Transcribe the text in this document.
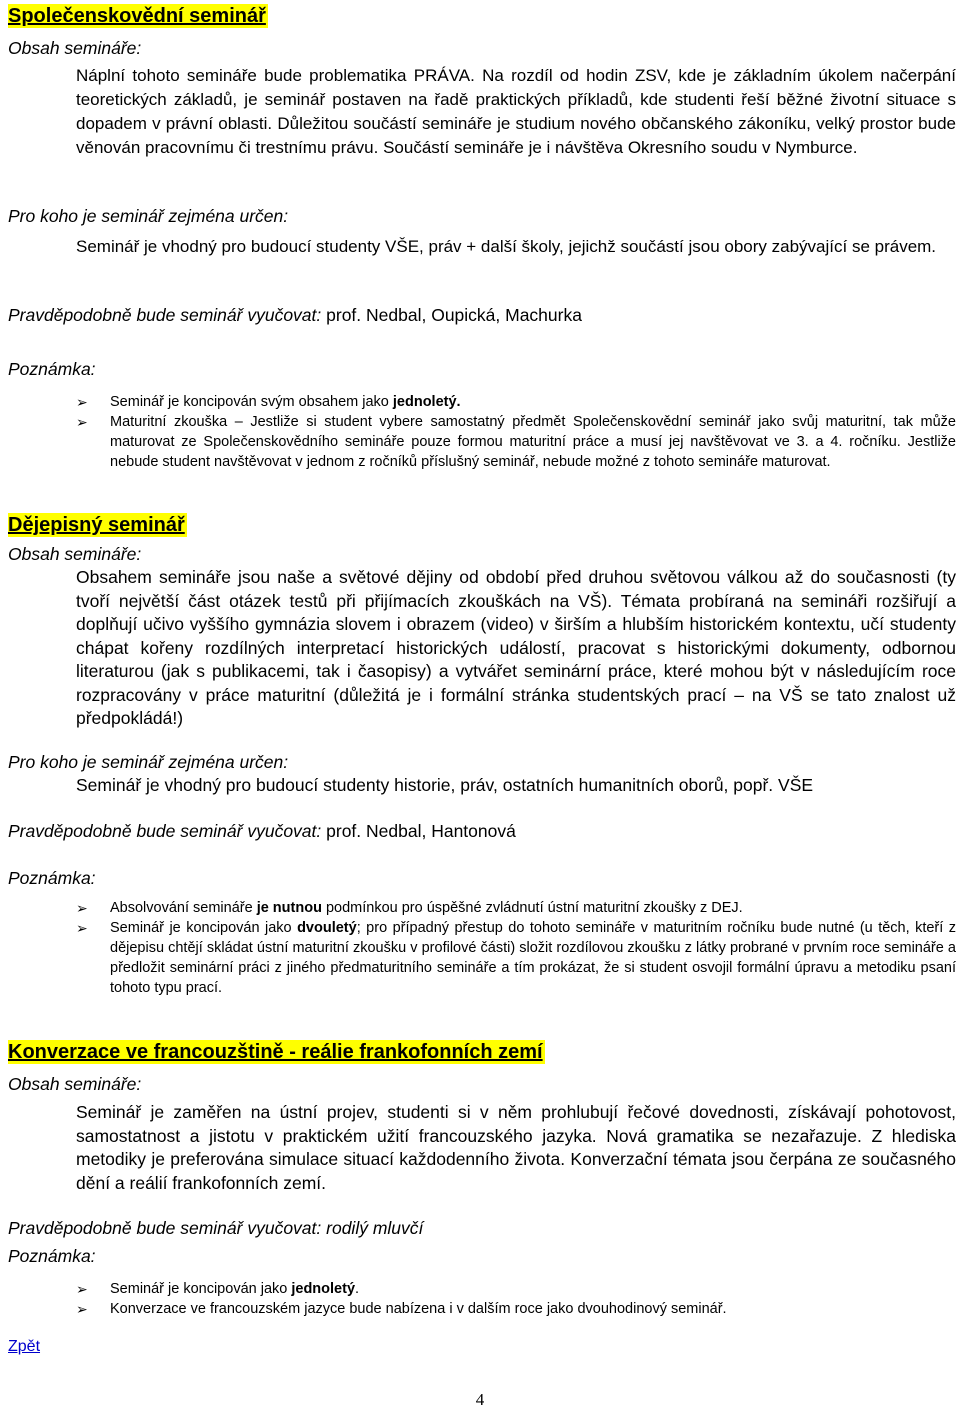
Společenskovědní seminář
Obsah semináře:
Náplní tohoto semináře bude problematika PRÁVA. Na rozdíl od hodin ZSV, kde je základním úkolem načerpání teoretických základů, je seminář postaven na řadě praktických příkladů, kde studenti řeší běžné životní situace s dopadem v právní oblasti. Důležitou součástí semináře je studium nového občanského zákoníku, velký prostor bude věnován pracovnímu či trestnímu právu. Součástí semináře je i návštěva Okresního soudu v Nymburce.
Pro koho je seminář zejména určen:
Seminář je vhodný pro budoucí studenty VŠE, práv + další školy, jejichž součástí jsou obory zabývající se právem.
Pravděpodobně bude seminář vyučovat: prof. Nedbal, Oupická, Machurka
Poznámka:
➢ Seminář je koncipován svým obsahem jako jednoletý.
➢ Maturitní zkouška – Jestliže si student vybere samostatný předmět Společenskovědní seminář jako svůj maturitní, tak může maturovat ze Společenskovědního semináře pouze formou maturitní práce a musí jej navštěvovat ve 3. a 4. ročníku. Jestliže nebude student navštěvovat v jednom z ročníků příslušný seminář, nebude možné z tohoto semináře maturovat.
Dějepisný seminář
Obsah semináře:
Obsahem semináře jsou naše a světové dějiny od období před druhou světovou válkou až do současnosti (ty tvoří největší část otázek testů při přijímacích zkouškách na VŠ). Témata probíraná na semináři rozšiřují a doplňují učivo vyššího gymnázia slovem i obrazem (video) v širším a hlubším historickém kontextu, učí studenty chápat kořeny rozdílných interpretací historických událostí, pracovat s historickými dokumenty, odbornou literaturou (jak s publikacemi, tak i časopisy) a vytvářet seminární práce, které mohou být v následujícím roce rozpracovány v práce maturitní (důležitá je i formální stránka studentských prací – na VŠ se tato znalost už předpokládá!)
Pro koho je seminář zejména určen:
Seminář je vhodný pro budoucí studenty historie, práv, ostatních humanitních oborů, popř. VŠE
Pravděpodobně bude seminář vyučovat: prof. Nedbal, Hantonová
Poznámka:
➢ Absolvování semináře je nutnou podmínkou pro úspěšné zvládnutí ústní maturitní zkoušky z DEJ.
➢ Seminář je koncipován jako dvouletý; pro případný přestup do tohoto semináře v maturitním ročníku bude nutné (u těch, kteří z dějepisu chtějí skládat ústní maturitní zkoušku v profilové části) složit rozdílovou zkoušku z látky probrané v prvním roce semináře a předložit seminární práci z jiného předmaturitního semináře a tím prokázat, že si student osvojil formální úpravu a metodiku psaní tohoto typu prací.
Konverzace ve francouzštině - reálie frankofonních zemí
Obsah semináře:
Seminář je zaměřen na ústní projev, studenti si v něm prohlubují řečové dovednosti, získávají pohotovost, samostatnost a jistotu v praktickém užití francouzského jazyka. Nová gramatika se nezařazuje. Z hlediska metodiky je preferována simulace situací každodenního života. Konverzační témata jsou čerpána ze současného dění a reálií frankofonních zemí.
Pravděpodobně bude seminář vyučovat: rodilý mluvčí
Poznámka:
➢ Seminář je koncipován jako jednoletý.
➢ Konverzace ve francouzském jazyce bude nabízena i v dalším roce jako dvouhodinový seminář.
Zpět
4
